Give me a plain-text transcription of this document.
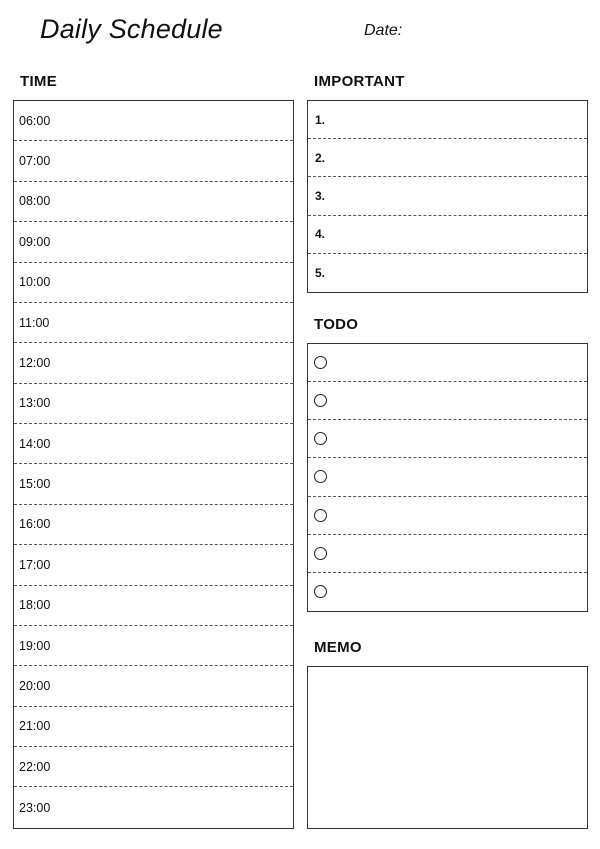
Daily Schedule	Date:
TIME
06:00
07:00
08:00
09:00
10:00
11:00
12:00
13:00
14:00
15:00
16:00
17:00
18:00
19:00
20:00
21:00
22:00
23:00
IMPORTANT
1.
2.
3.
4.
5.
TODO
MEMO
